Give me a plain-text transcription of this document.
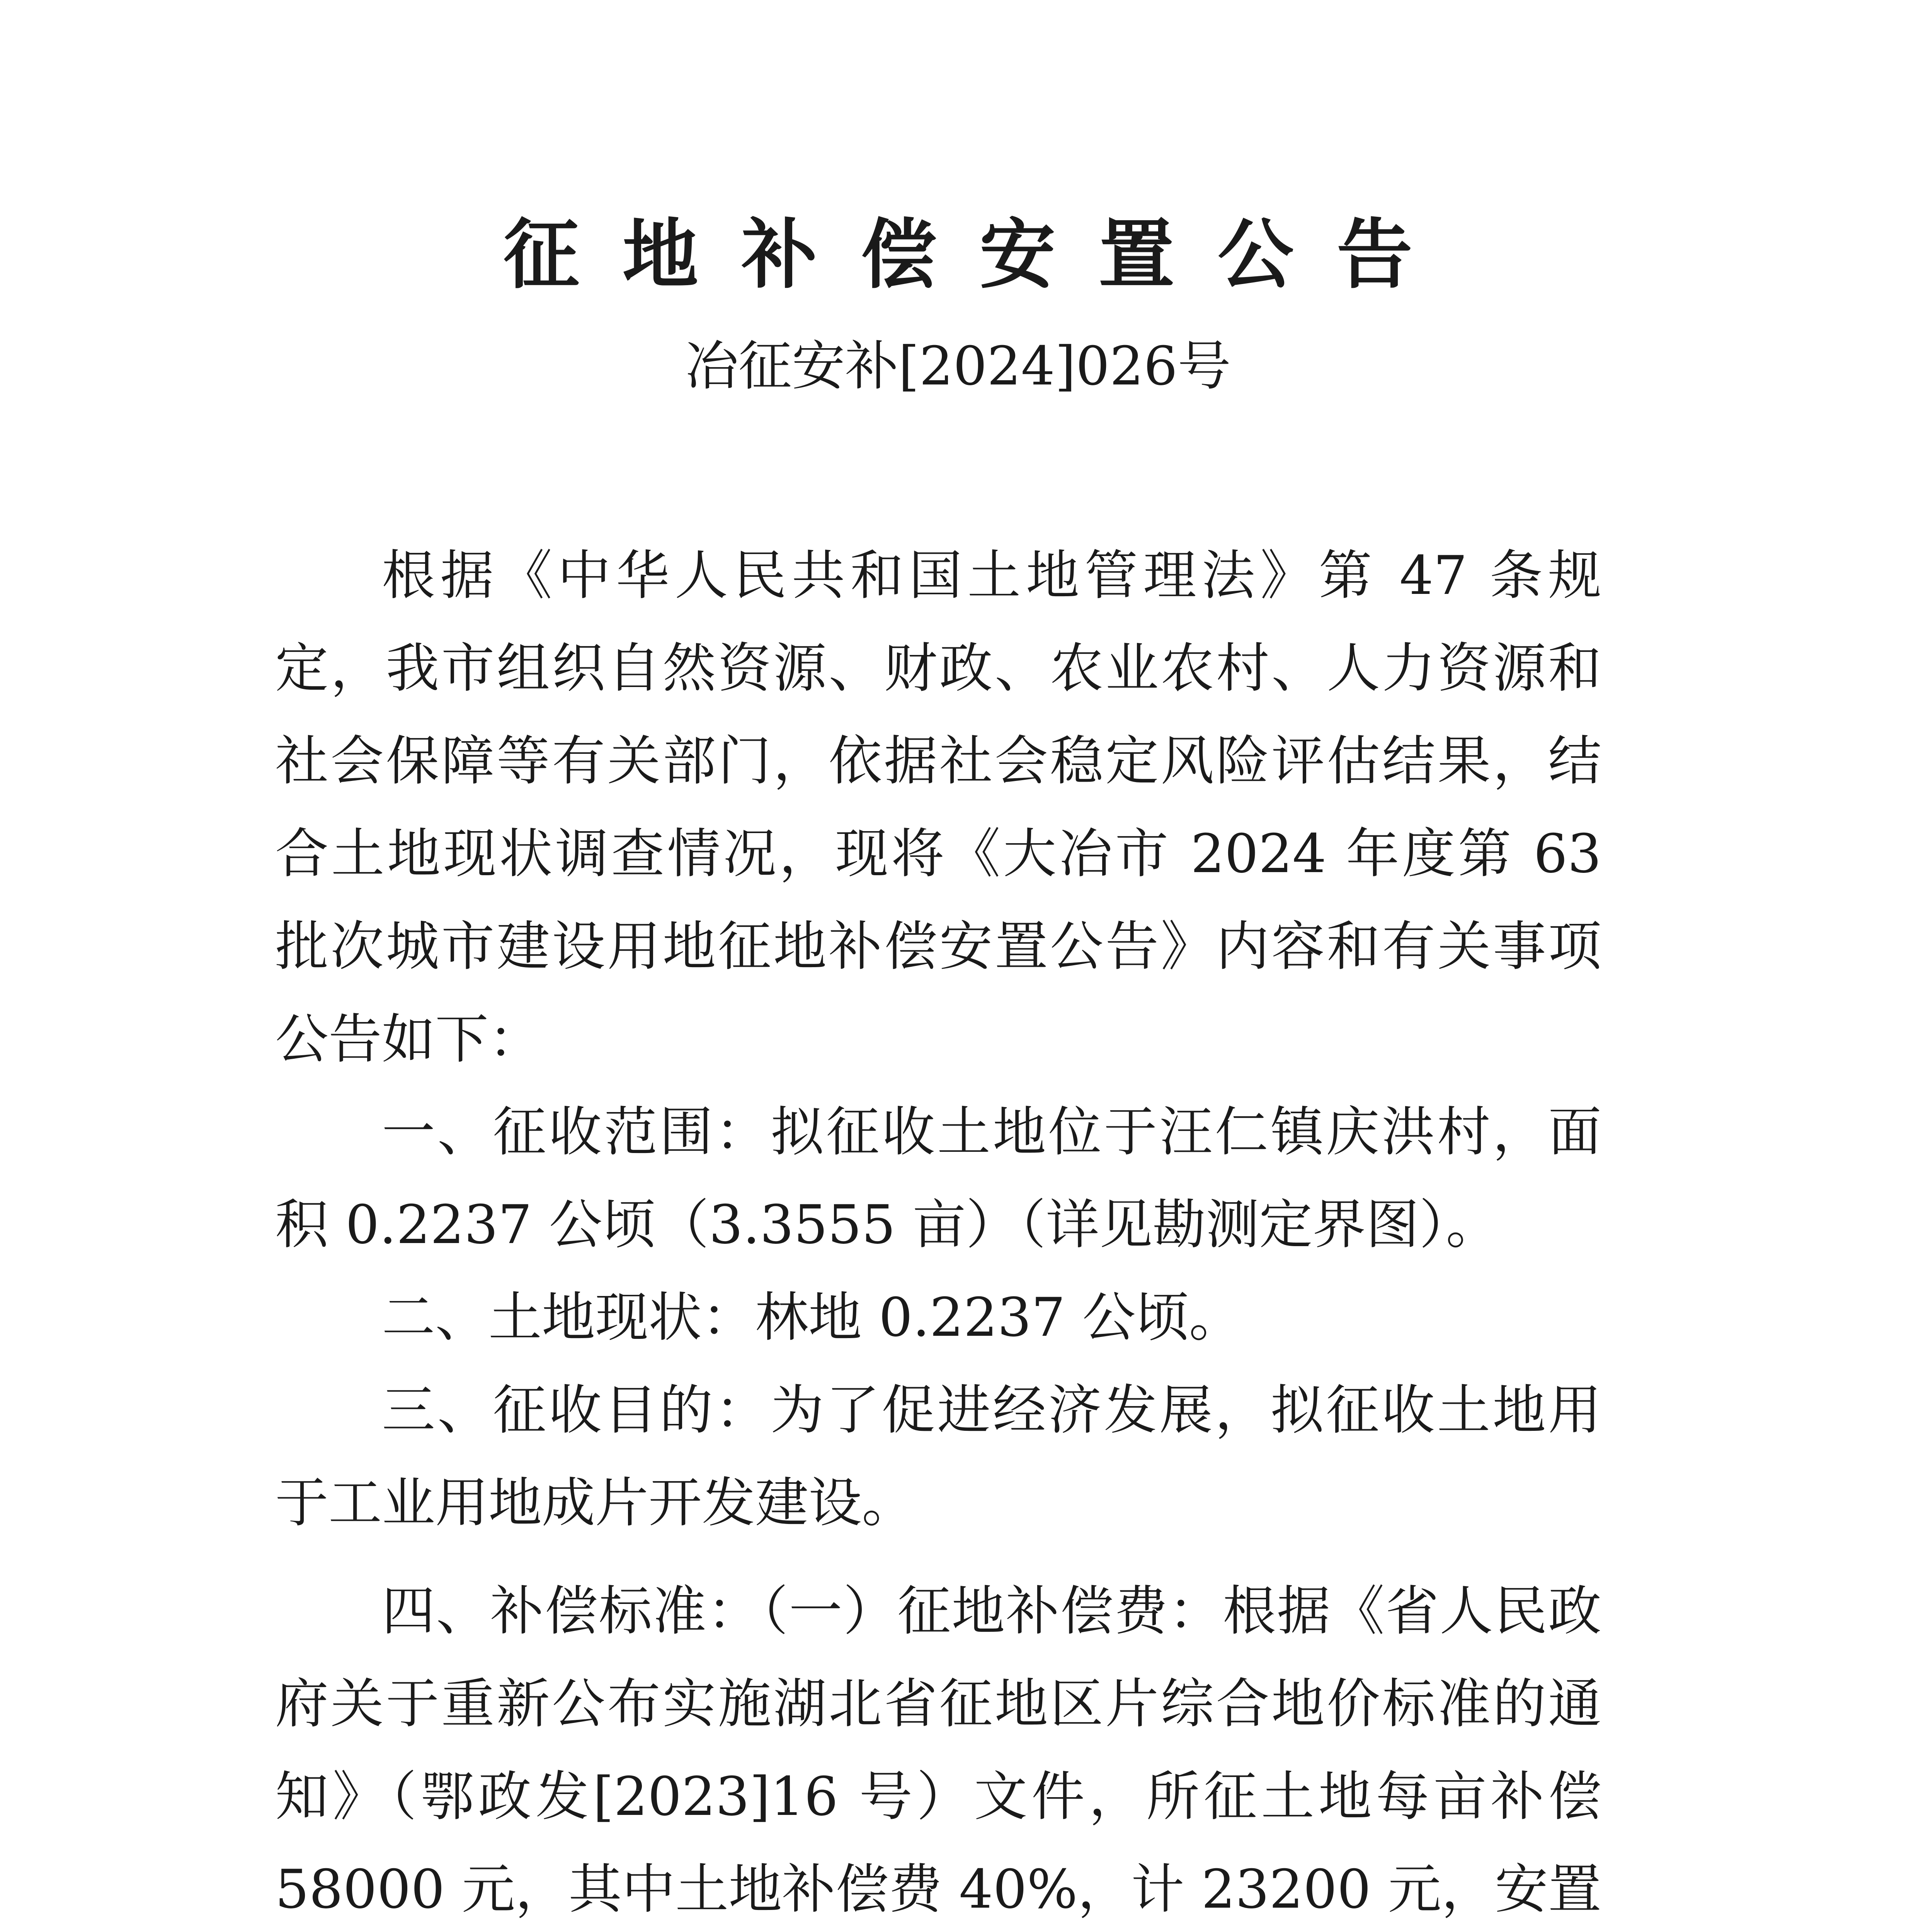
征地补偿安置公告
冶征安补[2024]026号

根据《中华人民共和国土地管理法》第 47 条规定，我市组织自然资源、财政、农业农村、人力资源和社会保障等有关部门，依据社会稳定风险评估结果，结合土地现状调查情况，现将《大冶市 2024 年度第 63 批次城市建设用地征地补偿安置公告》内容和有关事项公告如下：

一、征收范围：拟征收土地位于汪仁镇庆洪村，面积 0.2237 公顷（3.3555 亩）（详见勘测定界图）。

二、土地现状：林地 0.2237 公顷。

三、征收目的：为了促进经济发展，拟征收土地用于工业用地成片开发建设。

四、补偿标准：（一）征地补偿费：根据《省人民政府关于重新公布实施湖北省征地区片综合地价标准的通知》（鄂政发[2023]16 号）文件，所征土地每亩补偿 58000 元，其中土地补偿费 40%，计 23200 元，安置
